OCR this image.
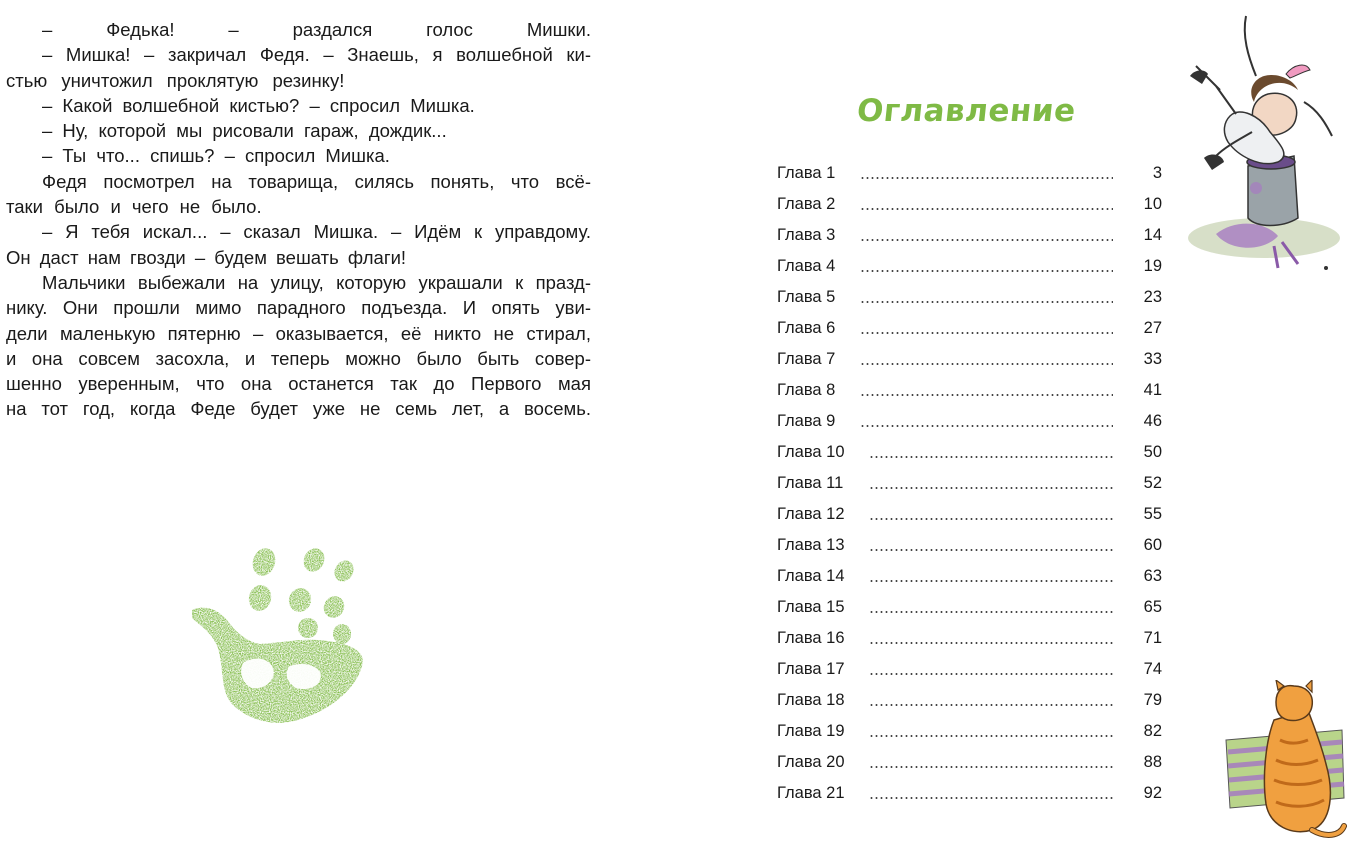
– Федька! – раздался голос Мишки.
– Мишка! – закричал Федя. – Знаешь, я волшебной ки-
стью уничтожил проклятую резинку!
– Какой волшебной кистью? – спросил Мишка.
– Ну, которой мы рисовали гараж, дождик...
– Ты что... спишь? – спросил Мишка.
Федя посмотрел на товарища, силясь понять, что всё-
таки было и чего не было.
– Я тебя искал... – сказал Мишка. – Идём к управдому.
Он даст нам гвозди – будем вешать флаги!
Мальчики выбежали на улицу, которую украшали к празд-
нику. Они прошли мимо парадного подъезда. И опять уви-
дели маленькую пятерню – оказывается, её никто не стирал,
и она совсем засохла, и теперь можно было быть совер-
шенно уверенным, что она останется так до Первого мая
на тот год, когда Феде будет уже не семь лет, а восемь.
Оглавление
Глава 1	3
Глава 2	10
Глава 3	14
Глава 4	19
Глава 5	23
Глава 6	27
Глава 7	33
Глава 8	41
Глава 9	46
Глава 10	50
Глава 11	52
Глава 12	55
Глава 13	60
Глава 14	63
Глава 15	65
Глава 16	71
Глава 17	74
Глава 18	79
Глава 19	82
Глава 20	88
Глава 21	92
